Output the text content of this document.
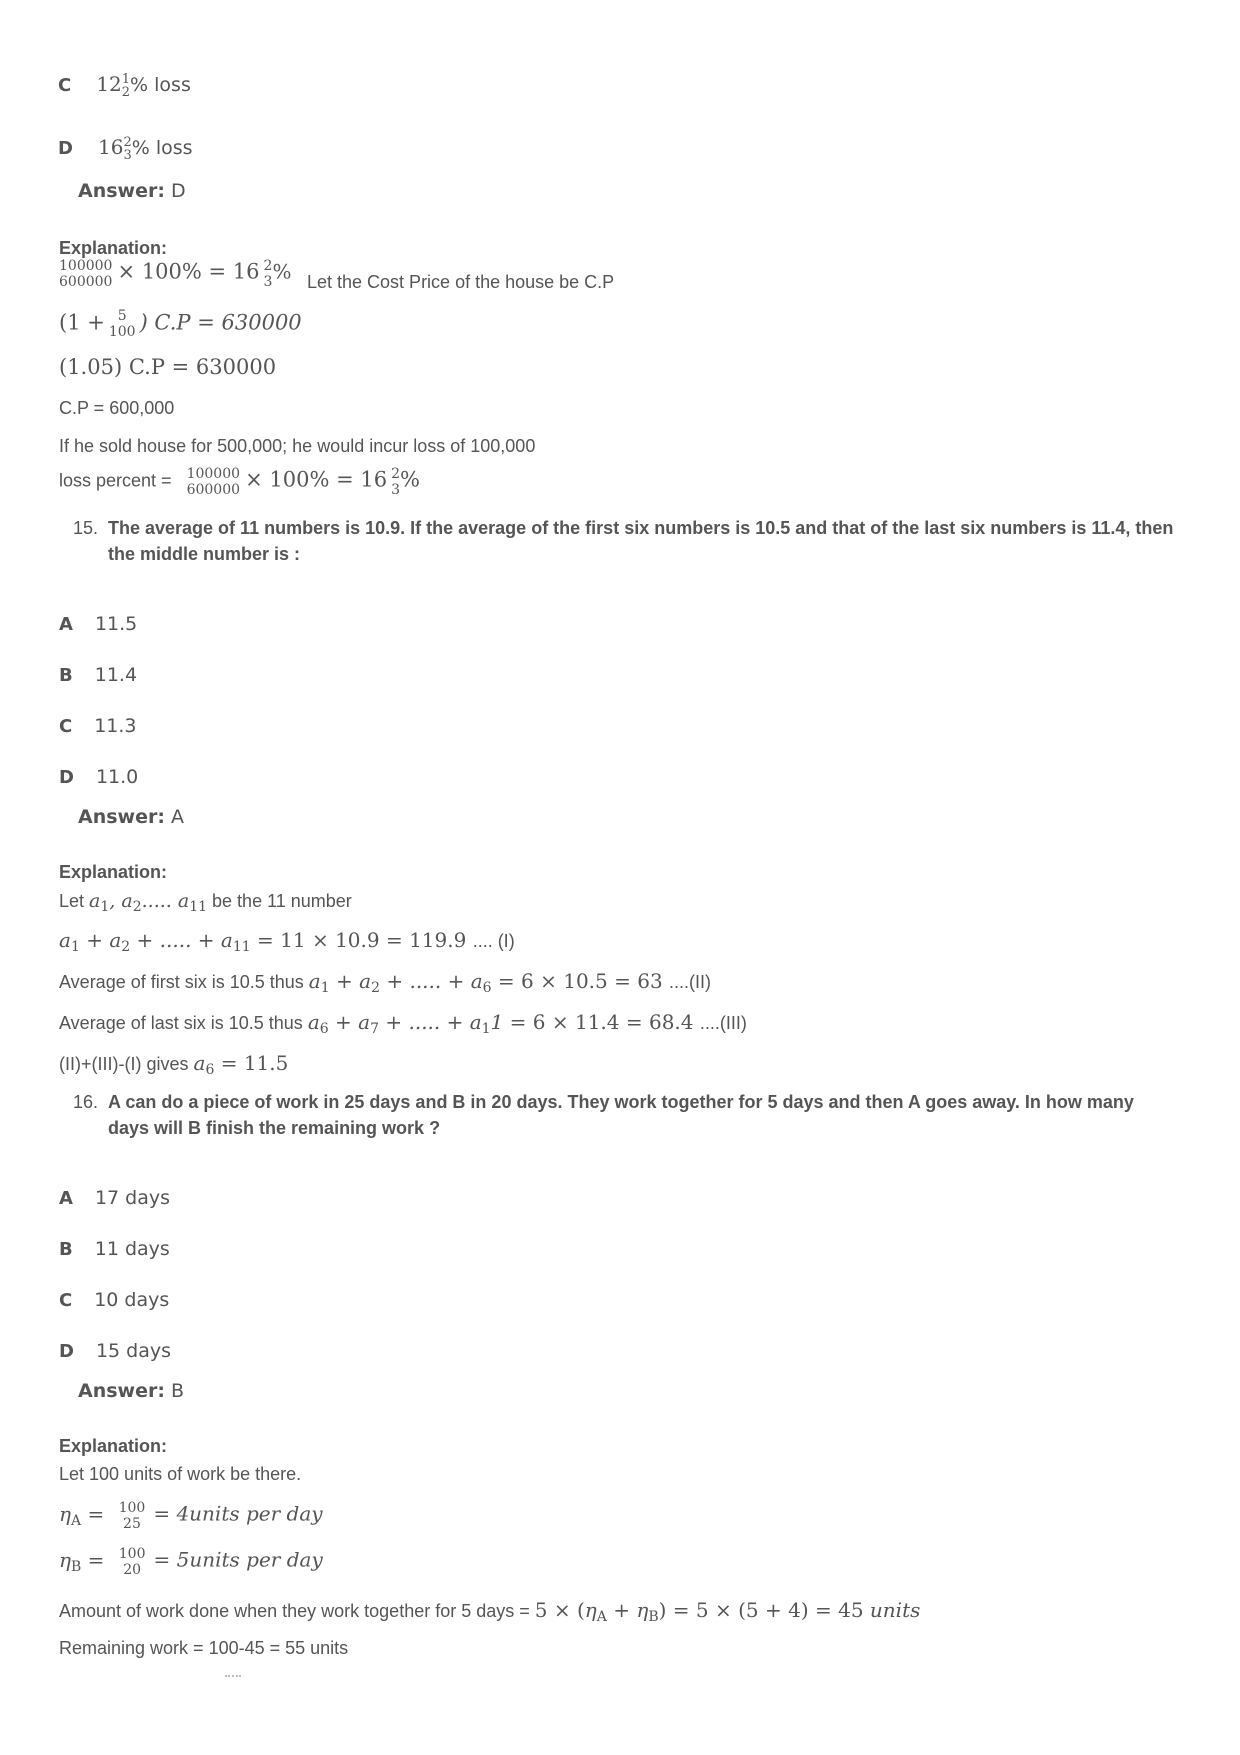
C 12 1
2 % loss
D 16 2
3 % loss
Answer: D
Explanation:
100000
600000 × 100% = 16 2
3 % Let the Cost Price of the house be C.P
(1 + 5
100 ) C.P = 630000
(1.05) C.P = 630000
C.P = 600,000
If he sold house for 500,000; he would incur loss of 100,000
loss percent = 100000
600000 × 100% = 16 2
3 %
15. The average of 11 numbers is 10.9. If the average of the first six numbers is 10.5 and that of the last six numbers is 11.4, then the middle number is :
A 11.5
B 11.4
C 11.3
D 11.0
Answer: A
Explanation:
Let $a_1$, $a_2$..... $a_{11}$ be the 11 number
$a_1 + a_2$ + ..... + $a_{11} = 11 \times 10.9 = 119.9$ .... (I)
Average of first six is 10.5 thus $a_1 + a_2$ + ..... + $a_6 = 6 \times 10.5 = 63$ ....(II)
Average of last six is 10.5 thus $a_6 + a_7$ + ..... + $a_11 = 6 \times 11.4 = 68.4$ ....(III)
(II)+(III)-(I) gives $a_6 = 11.5$
16. A can do a piece of work in 25 days and B in 20 days. They work together for 5 days and then A goes away. In how many days will B finish the remaining work ?
A 17 days
B 11 days
C 10 days
D 15 days
Answer: B
Explanation:
Let 100 units of work be there.
$\eta_A = 100$
25 = 4units per day
$\eta_B = 100$
20 = 5units per day
Amount of work done when they work together for 5 days = $5 \times (\eta_A + \eta_B) = 5 \times (5 + 4) = 45$ units
Remaining work = 100-45 = 55 units
